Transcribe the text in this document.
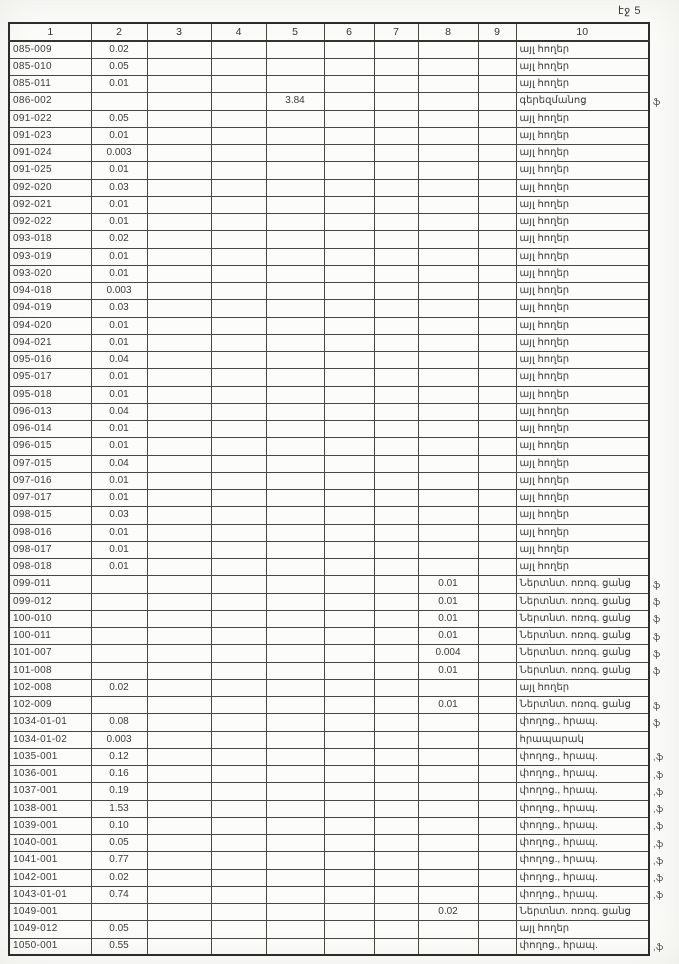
էջ 5
1	2	3	4	5	6	7	8	9	10
085-009	0.02								այլ հողեր
085-010	0.05								այլ հողեր
085-011	0.01								այլ հողեր
086-002				3.84					գերեզմանոց
091-022	0.05								այլ հողեր
091-023	0.01								այլ հողեր
091-024	0.003								այլ հողեր
091-025	0.01								այլ հողեր
092-020	0.03								այլ հողեր
092-021	0.01								այլ հողեր
092-022	0.01								այլ հողեր
093-018	0.02								այլ հողեր
093-019	0.01								այլ հողեր
093-020	0.01								այլ հողեր
094-018	0.003								այլ հողեր
094-019	0.03								այլ հողեր
094-020	0.01								այլ հողեր
094-021	0.01								այլ հողեր
095-016	0.04								այլ հողեր
095-017	0.01								այլ հողեր
095-018	0.01								այլ հողեր
096-013	0.04								այլ հողեր
096-014	0.01								այլ հողեր
096-015	0.01								այլ հողեր
097-015	0.04								այլ հողեր
097-016	0.01								այլ հողեր
097-017	0.01								այլ հողեր
098-015	0.03								այլ հողեր
098-016	0.01								այլ հողեր
098-017	0.01								այլ հողեր
098-018	0.01								այլ հողեր
099-011							0.01		Ներտնտ. ոռոգ. ցանց
099-012							0.01		Ներտնտ. ոռոգ. ցանց
100-010							0.01		Ներտնտ. ոռոգ. ցանց
100-011							0.01		Ներտնտ. ոռոգ. ցանց
101-007							0.004		Ներտնտ. ոռոգ. ցանց
101-008							0.01		Ներտնտ. ոռոգ. ցանց
102-008	0.02								այլ հողեր
102-009							0.01		Ներտնտ. ոռոգ. ցանց
1034-01-01	0.08								փողոց., հրապ.
1034-01-02	0.003								հրապարակ
1035-001	0.12								փողոց., հրապ.
1036-001	0.16								փողոց., հրապ.
1037-001	0.19								փողոց., հրապ.
1038-001	1.53								փողոց., հրապ.
1039-001	0.10								փողոց., հրապ.
1040-001	0.05								փողոց., հրապ.
1041-001	0.77								փողոց., հրապ.
1042-001	0.02								փողոց., հրապ.
1043-01-01	0.74								փողոց., հրապ.
1049-001							0.02		Ներտնտ. ոռոգ. ցանց
1049-012	0.05								այլ հողեր
1050-001	0.55								փողոց., հրապ.
ֆ
ֆ
ֆ
ֆ
ֆ
ֆ
ֆ
ֆ
ֆ
,ֆ
,ֆ
,ֆ
,ֆ
,ֆ
,ֆ
,ֆ
,ֆ
,ֆ
,ֆ
